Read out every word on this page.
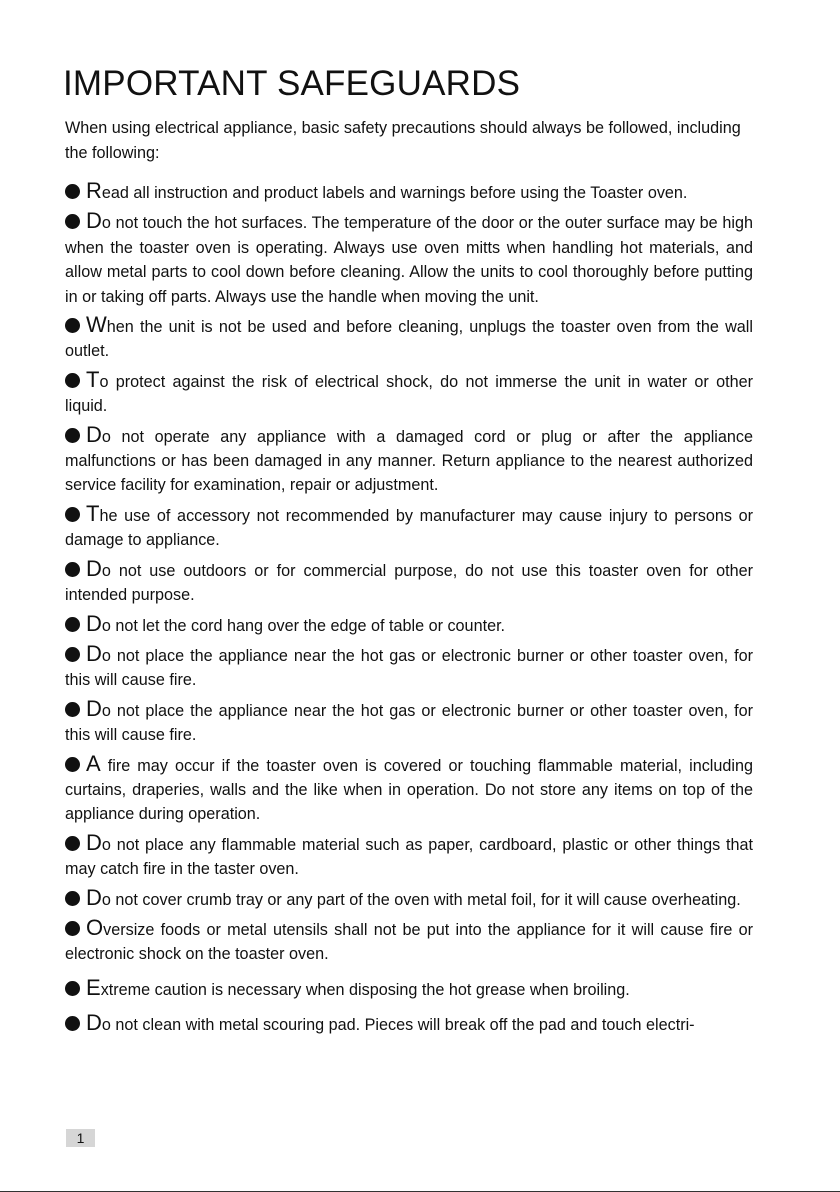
IMPORTANT SAFEGUARDS

When using electrical appliance, basic safety precautions should always be followed, including the following:

Read all instruction and product labels and warnings before using the Toaster oven.

Do not touch the hot surfaces. The temperature of the door or the outer surface may be high when the toaster oven is operating. Always use oven mitts when handling hot materials, and allow metal parts to cool down before cleaning. Allow the units to cool thoroughly before putting in or taking off parts. Always use the handle when moving the unit.

When the unit is not be used and before cleaning, unplugs the toaster oven from the wall outlet.

To protect against the risk of electrical shock, do not immerse the unit in water or other liquid.

Do not operate any appliance with a damaged cord or plug or after the appliance malfunctions or has been damaged in any manner. Return appliance to the nearest authorized service facility for examination, repair or adjustment.

The use of accessory not recommended by manufacturer may cause injury to persons or damage to appliance.

Do not use outdoors or for commercial purpose, do not use this toaster oven for other intended purpose.

Do not let the cord hang over the edge of table or counter.

Do not place the appliance near the hot gas or electronic burner or other toaster oven, for this will cause fire.

Do not place the appliance near the hot gas or electronic burner or other toaster oven, for this will cause fire.

A fire may occur if the toaster oven is covered or touching flammable material, including curtains, draperies, walls and the like when in operation. Do not store any items on top of the appliance during operation.

Do not place any flammable material such as paper, cardboard, plastic or other things that may catch fire in the taster oven.

Do not cover crumb tray or any part of the oven with metal foil, for it will cause overheating.

Oversize foods or metal utensils shall not be put into the appliance for it will cause fire or electronic shock on the toaster oven.

Extreme caution is necessary when disposing the hot grease when broiling.

Do not clean with metal scouring pad. Pieces will break off the pad and touch electri-

1
